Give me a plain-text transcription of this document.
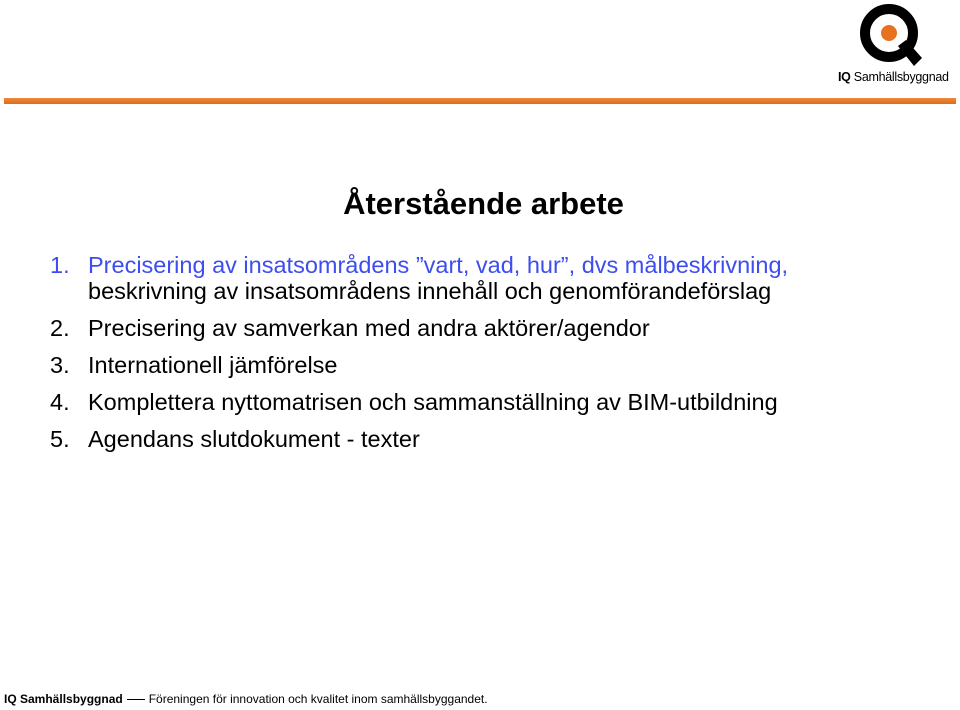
IQ Samhällsbyggnad
Återstående arbete
1. Precisering av insatsområdens ”vart, vad, hur”, dvs målbeskrivning,
beskrivning av insatsområdens innehåll och genomförandeförslag
2. Precisering av samverkan med andra aktörer/agendor
3. Internationell jämförelse
4. Komplettera nyttomatrisen och sammanställning av BIM-utbildning
5. Agendans slutdokument - texter
IQ Samhällsbyggnad Föreningen för innovation och kvalitet inom samhällsbyggandet.
